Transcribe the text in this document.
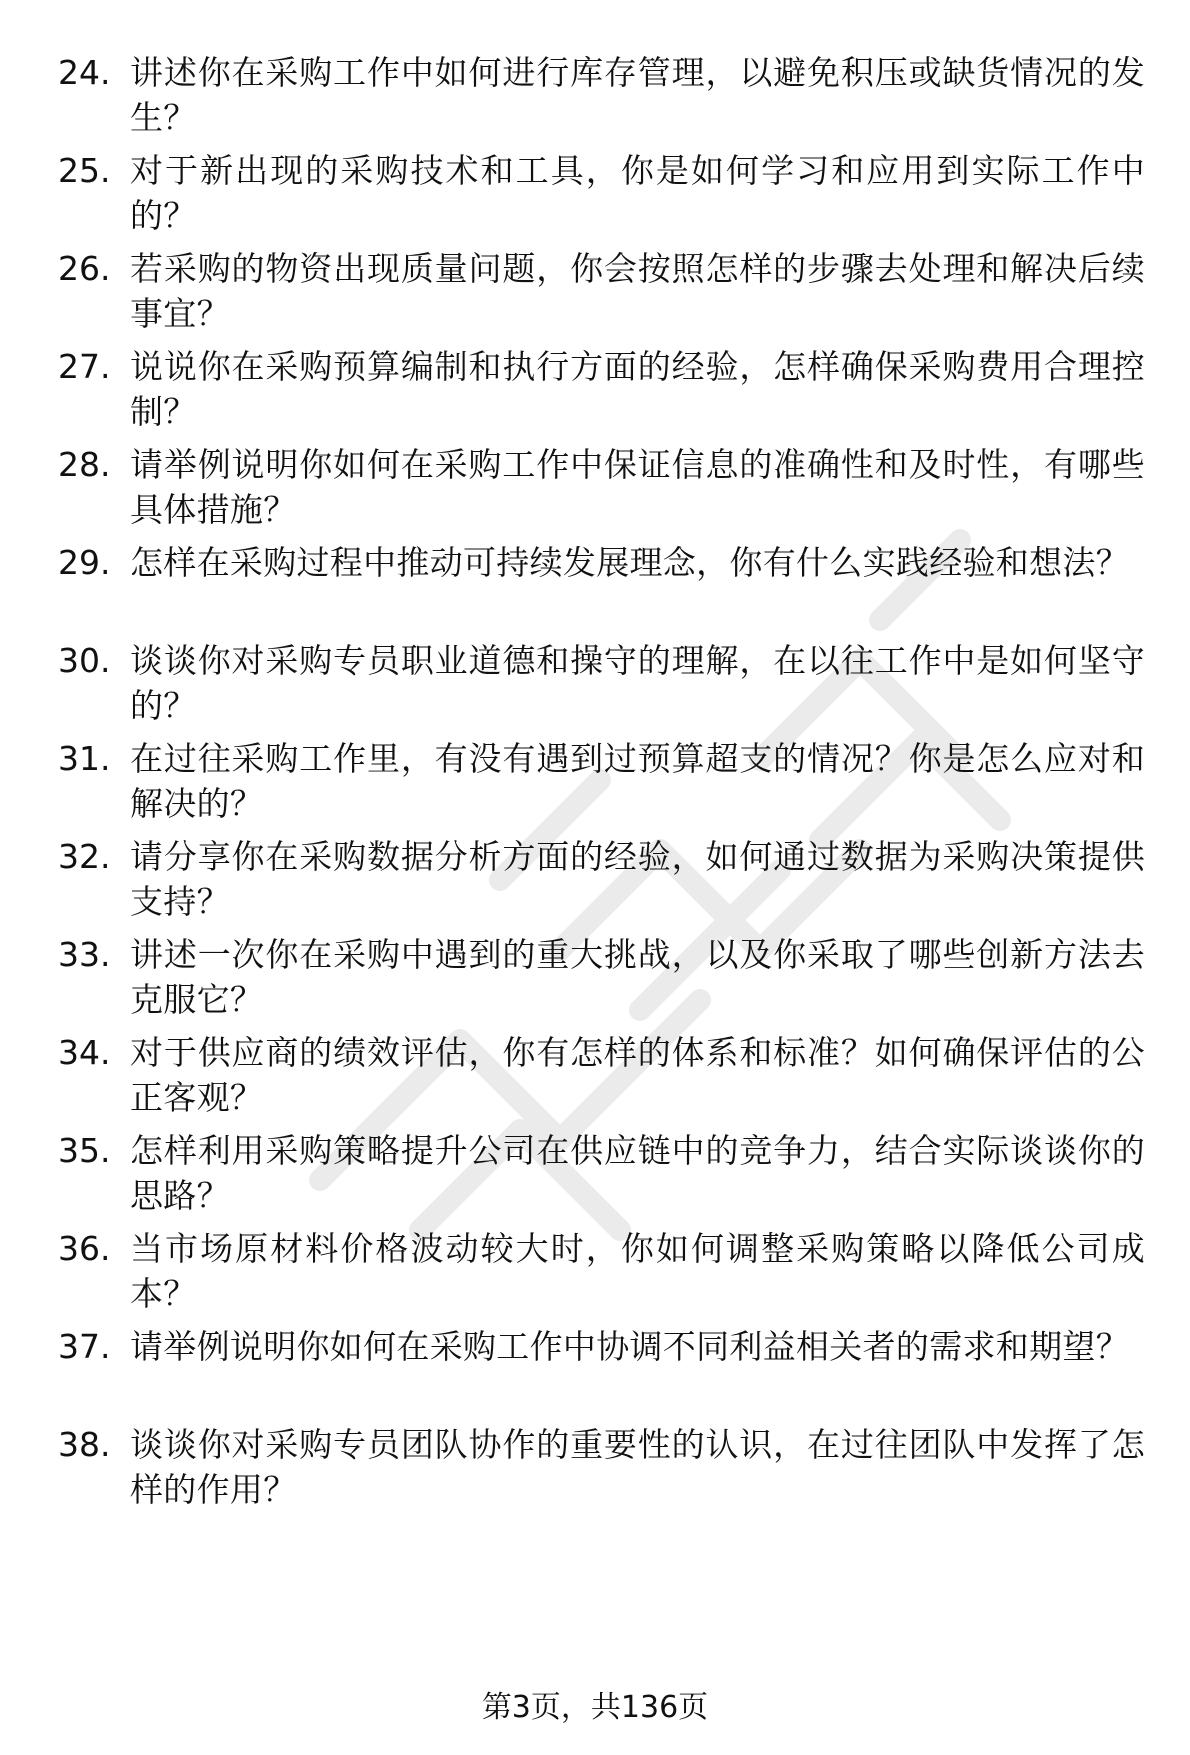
24. 讲述你在采购工作中如何进行库存管理，以避免积压或缺货情况的发生？
25. 对于新出现的采购技术和工具，你是如何学习和应用到实际工作中的？
26. 若采购的物资出现质量问题，你会按照怎样的步骤去处理和解决后续事宜？
27. 说说你在采购预算编制和执行方面的经验，怎样确保采购费用合理控制？
28. 请举例说明你如何在采购工作中保证信息的准确性和及时性，有哪些具体措施？
29. 怎样在采购过程中推动可持续发展理念，你有什么实践经验和想法？
30. 谈谈你对采购专员职业道德和操守的理解，在以往工作中是如何坚守的？
31. 在过往采购工作里，有没有遇到过预算超支的情况？你是怎么应对和解决的？
32. 请分享你在采购数据分析方面的经验，如何通过数据为采购决策提供支持？
33. 讲述一次你在采购中遇到的重大挑战，以及你采取了哪些创新方法去克服它？
34. 对于供应商的绩效评估，你有怎样的体系和标准？如何确保评估的公正客观？
35. 怎样利用采购策略提升公司在供应链中的竞争力，结合实际谈谈你的思路？
36. 当市场原材料价格波动较大时，你如何调整采购策略以降低公司成本？
37. 请举例说明你如何在采购工作中协调不同利益相关者的需求和期望？
38. 谈谈你对采购专员团队协作的重要性的认识，在过往团队中发挥了怎样的作用？
第3页，共136页
